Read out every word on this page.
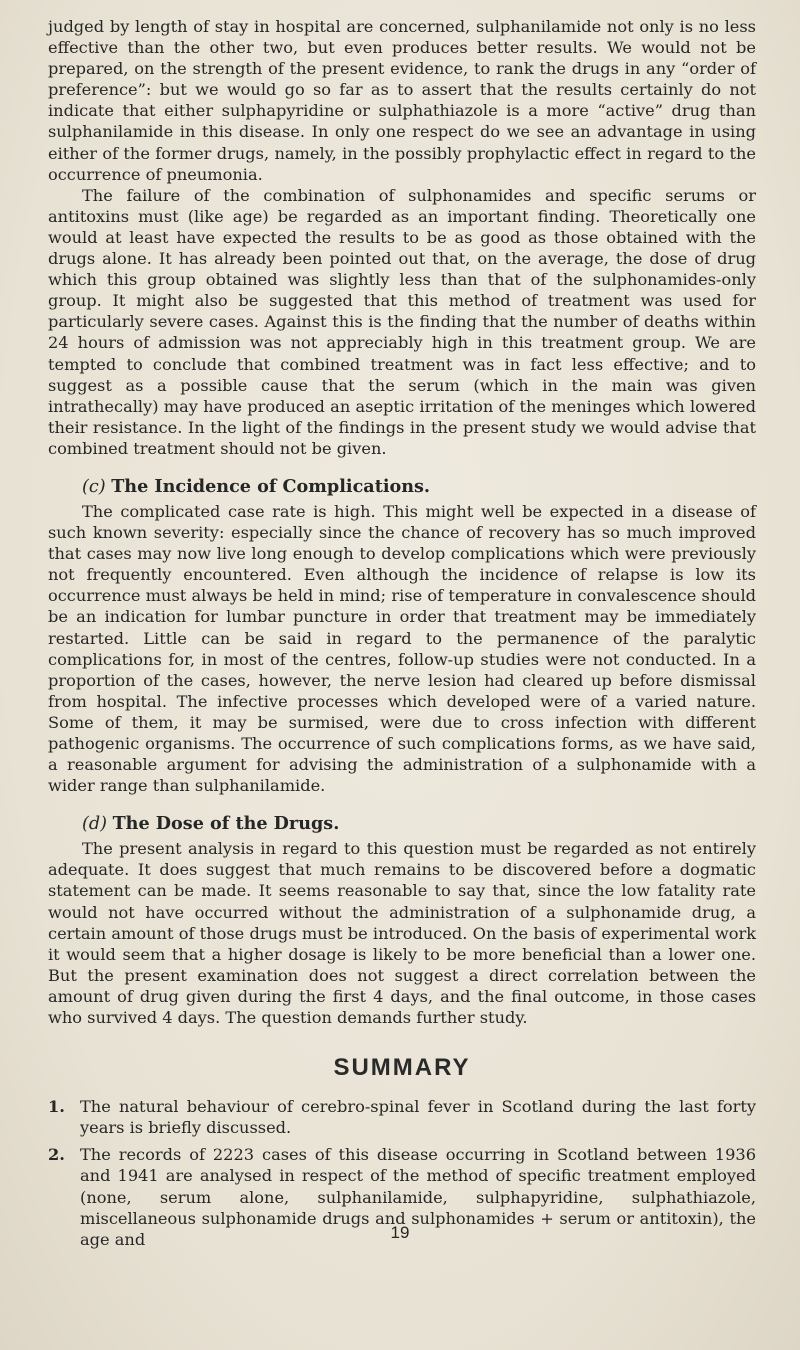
judged by length of stay in hospital are concerned, sulphanilamide not only is no less effective than the other two, but even produces better results. We would not be prepared, on the strength of the present evidence, to rank the drugs in any “order of preference”: but we would go so far as to assert that the results certainly do not indicate that either sulphapyridine or sulphathiazole is a more “active” drug than sulphanilamide in this disease. In only one respect do we see an advantage in using either of the former drugs, namely, in the possibly prophylactic effect in regard to the occurrence of pneumonia.

The failure of the combination of sulphonamides and specific serums or antitoxins must (like age) be regarded as an important finding. Theoretically one would at least have expected the results to be as good as those obtained with the drugs alone. It has already been pointed out that, on the average, the dose of drug which this group obtained was slightly less than that of the sulphonamides-only group. It might also be suggested that this method of treatment was used for particularly severe cases. Against this is the finding that the number of deaths within 24 hours of admission was not appreciably high in this treatment group. We are tempted to conclude that combined treatment was in fact less effective; and to suggest as a possible cause that the serum (which in the main was given intrathecally) may have produced an aseptic irritation of the meninges which lowered their resistance. In the light of the findings in the present study we would advise that combined treatment should not be given.

(c) The Incidence of Complications.

The complicated case rate is high. This might well be expected in a disease of such known severity: especially since the chance of recovery has so much improved that cases may now live long enough to develop complications which were previously not frequently encountered. Even although the incidence of relapse is low its occurrence must always be held in mind; rise of temperature in convalescence should be an indication for lumbar puncture in order that treatment may be immediately restarted. Little can be said in regard to the permanence of the paralytic complications for, in most of the centres, follow-up studies were not conducted. In a proportion of the cases, however, the nerve lesion had cleared up before dismissal from hospital. The infective processes which developed were of a varied nature. Some of them, it may be surmised, were due to cross infection with different pathogenic organisms. The occurrence of such complications forms, as we have said, a reasonable argument for advising the administration of a sulphonamide with a wider range than sulphanilamide.

(d) The Dose of the Drugs.

The present analysis in regard to this question must be regarded as not entirely adequate. It does suggest that much remains to be discovered before a dogmatic statement can be made. It seems reasonable to say that, since the low fatality rate would not have occurred without the administration of a sulphonamide drug, a certain amount of those drugs must be introduced. On the basis of experimental work it would seem that a higher dosage is likely to be more beneficial than a lower one. But the present examination does not suggest a direct correlation between the amount of drug given during the first 4 days, and the final outcome, in those cases who survived 4 days. The question demands further study.

SUMMARY
1. The natural behaviour of cerebro-spinal fever in Scotland during the last forty years is briefly discussed.
2. The records of 2223 cases of this disease occurring in Scotland between 1936 and 1941 are analysed in respect of the method of specific treatment employed (none, serum alone, sulphanilamide, sulphapyridine, sulphathiazole, miscellaneous sulphonamide drugs and sulphonamides + serum or antitoxin), the age and	19
